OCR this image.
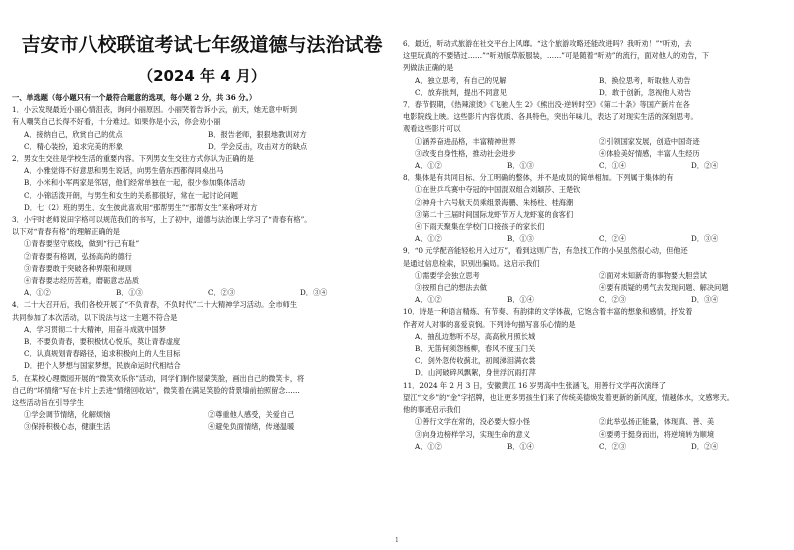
吉安市八校联谊考试七年级道德与法治试卷
（2024 年 4 月）
一、单选题（每小题只有一个最符合题意的选项，每小题 2 分，共 36 分。）
1．小云发现最近小丽心情沮丧，询问小丽原因。小丽哭着告诉小云，前天，她无意中听到
有人嘲笑自己长得不好看，十分难过。如果你是小云，你会劝小丽
A．接纳自己，欣赏自己的优点	B．报告老师，狠狠地教训对方
C．精心装扮，追求完美的形象	D．学会反击，攻击对方的缺点
2．男女生交往是学校生活的重要内容。下列男女生交往方式你认为正确的是
A．小雅觉得不好意思和男生说话，向男生借东西都得同桌出马
B．小米和小军两家是邻居，他们经常单独在一起，很少参加集体活动
C．小锦活泼开朗，与男生和女生的关系都很好，常在一起讨论问题
D．七（2）班的男生、女生彼此喜欢用“那帮男生”“那帮女生”来称呼对方
3．小宇时老师说田字格可以规范我们的书写，上了初中，道德与法治课上学习了“青春有格”。
以下对“青春有格”的理解正确的是
①青春要坚守底线，做到“行己有耻”
②青春要有格调，弘扬高尚的德行
③青春要敢于突破各种界限和规则
④青春要志经历苦难，磨砺意志品质
A．①②	B．①③	C．②③	D．③④
4．二十大召开后，我们各校开展了“不负青春，不负时代”二十大精神学习活动。全市师生
共同参加了本次活动，以下说法与这一主题不符合是
A．学习贯彻二十大精神，用奋斗成就中国梦
B．不要负青春，要积极忧心悦乐，莫让青春虚度
C．认真规划青春路径，追求积极向上的人生目标
D．把个人梦想与国家梦想，民族命运时代相结合
5．在某校心理微园开展的“微笑欢乐你”活动，同学们制作屋蒙笑脸，画出自己的微笑卡，将
自己的“坏情绪”写在卡片上丢进“情绪回收站”，微笑着在满足笑脸的背景墙前拍照留念……
这些活动旨在引导学生
①学会调节情绪，化解烦恼	②尊重他人感受，关爱自己
③保持积极心态，健康生活	④避免负面情绪，传递温暖
6．最近，听动式旅游在社交平台上风靡。“这个旅游攻略还能改进吗？我听劝！”“听劝，去
这里玩真的不要错过……”“听劝版草版服装，……”可是随着“听劝”的流行，面对他人的劝告，下
列做法正确的是
A．独立思考，有自己的见解	B．换位思考，听取他人劝告
C．放弃批判，提出不同意见	D．敢于创新，忽视他人劝告
7．春节假期，《热辣滚烫》《飞驰人生 2》《熊出没·逆转时空》《第二十条》等国产新片在各
电影院线上映。这些影片内容优质、各具特色，突出年味儿，表达了对现实生活的深刻思考。
观看这些影片可以
①涵养奋进品格，丰富精神世界	②引领国家发展，创造中国奇迹
③改变自身性格，推动社会进步	④体验美好情感，丰富人生经历
A．①②	B．①③	C．①④	D．②④
8．集体是有共同目标、分工明确的整体，并不是成员的简单相加。下列属于集体的有
①在世乒乓赛中夺冠的中国混双组合刘颖莎、王楚钦
②神舟十六号航天员乘组景海鹏、朱杨柱、桂海潮
③第二十三届时间国际龙虾节万人龙虾宴的食客们
④下雨天聚集在学校门口接孩子的家长们
A．①②	B．①③	C．②④	D．③④
9．“0 元学配音能轻松月入过万”，看到这则广告，有急找工作的小吴虽然很心动，但他还
是通过信息检索，识别出骗局。这启示我们
①需要学会独立思考	②面对未知新奇的事物要大胆尝试
③按照自己的想法去做	④要有质疑的勇气去发现问题、解决问题
A．①②	B．①④	C．②③	D．③④
10．诗是一种语言精炼、有节奏、有韵律的文学体裁，它饱含着丰富的想象和感情，抒发着
作者对人对事的喜爱哀悯。下列诗句描写喜乐心情的是
A．抽乱边愁听不尽，高高秋月照长城
B．无笛何须怨杨柳，春风不度玉门关
C．剑外忽传收蓟北，初闻涕泪满衣裳
D．山河破碎风飘絮，身世浮沉雨打萍
11．2024 年 2 月 3 日，安徽黄江 16 岁男高中生张涵飞，用善行文学再次演绎了
望江“文乡”的“金”字招牌，也让更多男孩生们来了传统美德焕发着更新的新风度，情越体水，文感寒天。
他的事迹启示我们
①善行文学在常的，没必要大惊小怪	②此举弘扬正能量，体现真、善、美
③向身边榜样学习，实现生命的意义	④要勇于挺身而出，将逆境转为顺境
A．①②	B．①④	C．②③	D．②④
1
